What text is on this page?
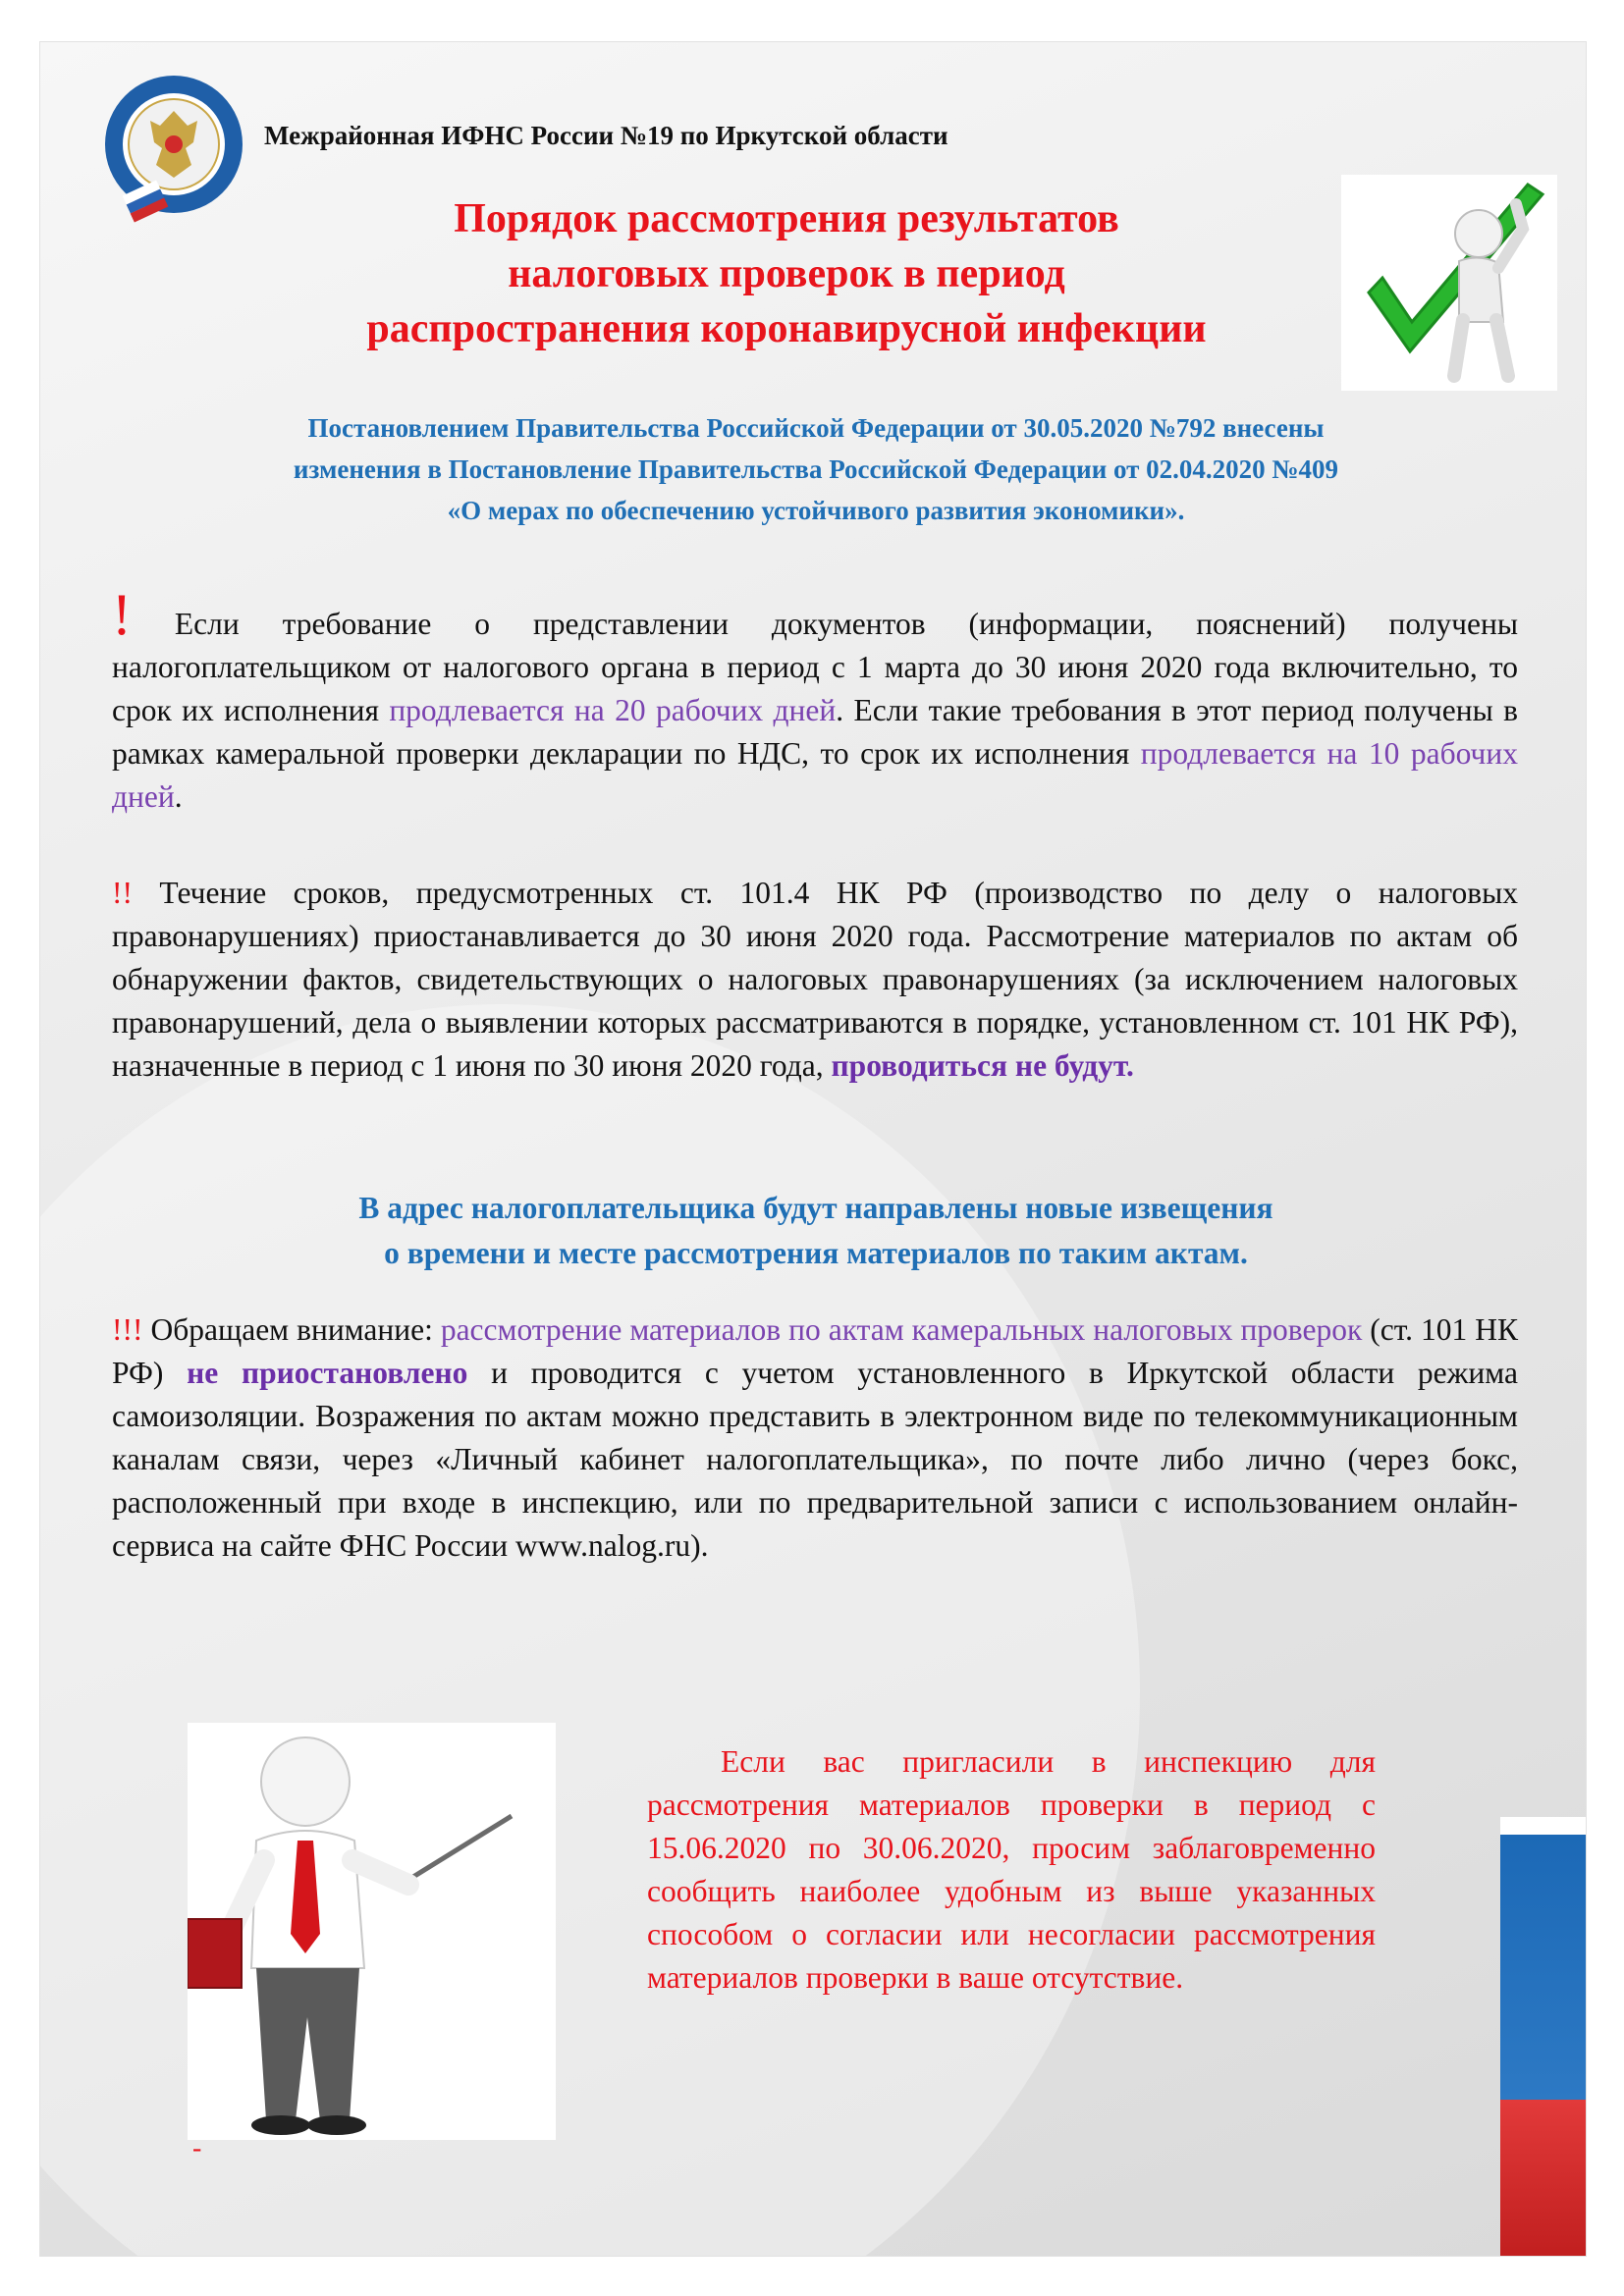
Межрайонная ИФНС России №19 по Иркутской области
Порядок рассмотрения результатов
налоговых проверок в период
распространения коронавирусной инфекции
Постановлением Правительства Российской Федерации от 30.05.2020 №792 внесены
изменения в Постановление Правительства Российской Федерации от 02.04.2020 №409
«О мерах по обеспечению устойчивого развития экономики».
! Если требование о представлении документов (информации, пояснений) получены налогоплательщиком от налогового органа в период с 1 марта до 30 июня 2020 года включительно, то срок их исполнения продлевается на 20 рабочих дней. Если такие требования в этот период получены в рамках камеральной проверки декларации по НДС, то срок их исполнения продлевается на 10 рабочих дней.
!! Течение сроков, предусмотренных ст. 101.4 НК РФ (производство по делу о налоговых правонарушениях) приостанавливается до 30 июня 2020 года. Рассмотрение материалов по актам об обнаружении фактов, свидетельствующих о налоговых правонарушениях (за исключением налоговых правонарушений, дела о выявлении которых рассматриваются в порядке, установленном ст. 101 НК РФ), назначенные в период с 1 июня по 30 июня 2020 года, проводиться не будут.
В адрес налогоплательщика будут направлены новые извещения
о времени и месте рассмотрения материалов по таким актам.
!!! Обращаем внимание: рассмотрение материалов по актам камеральных налоговых проверок (ст. 101 НК РФ) не приостановлено и проводится с учетом установленного в Иркутской области режима самоизоляции. Возражения по актам можно представить в электронном виде по телекоммуникационным каналам связи, через «Личный кабинет налогоплательщика», по почте либо лично (через бокс, расположенный при входе в инспекцию, или по предварительной записи с использованием онлайн-сервиса на сайте ФНС России www.nalog.ru).
-
Если вас пригласили в инспекцию для рассмотрения материалов проверки в период с 15.06.2020 по 30.06.2020, просим заблаговременно сообщить наиболее удобным из выше указанных способом о согласии или несогласии рассмотрения материалов проверки в ваше отсутствие.
